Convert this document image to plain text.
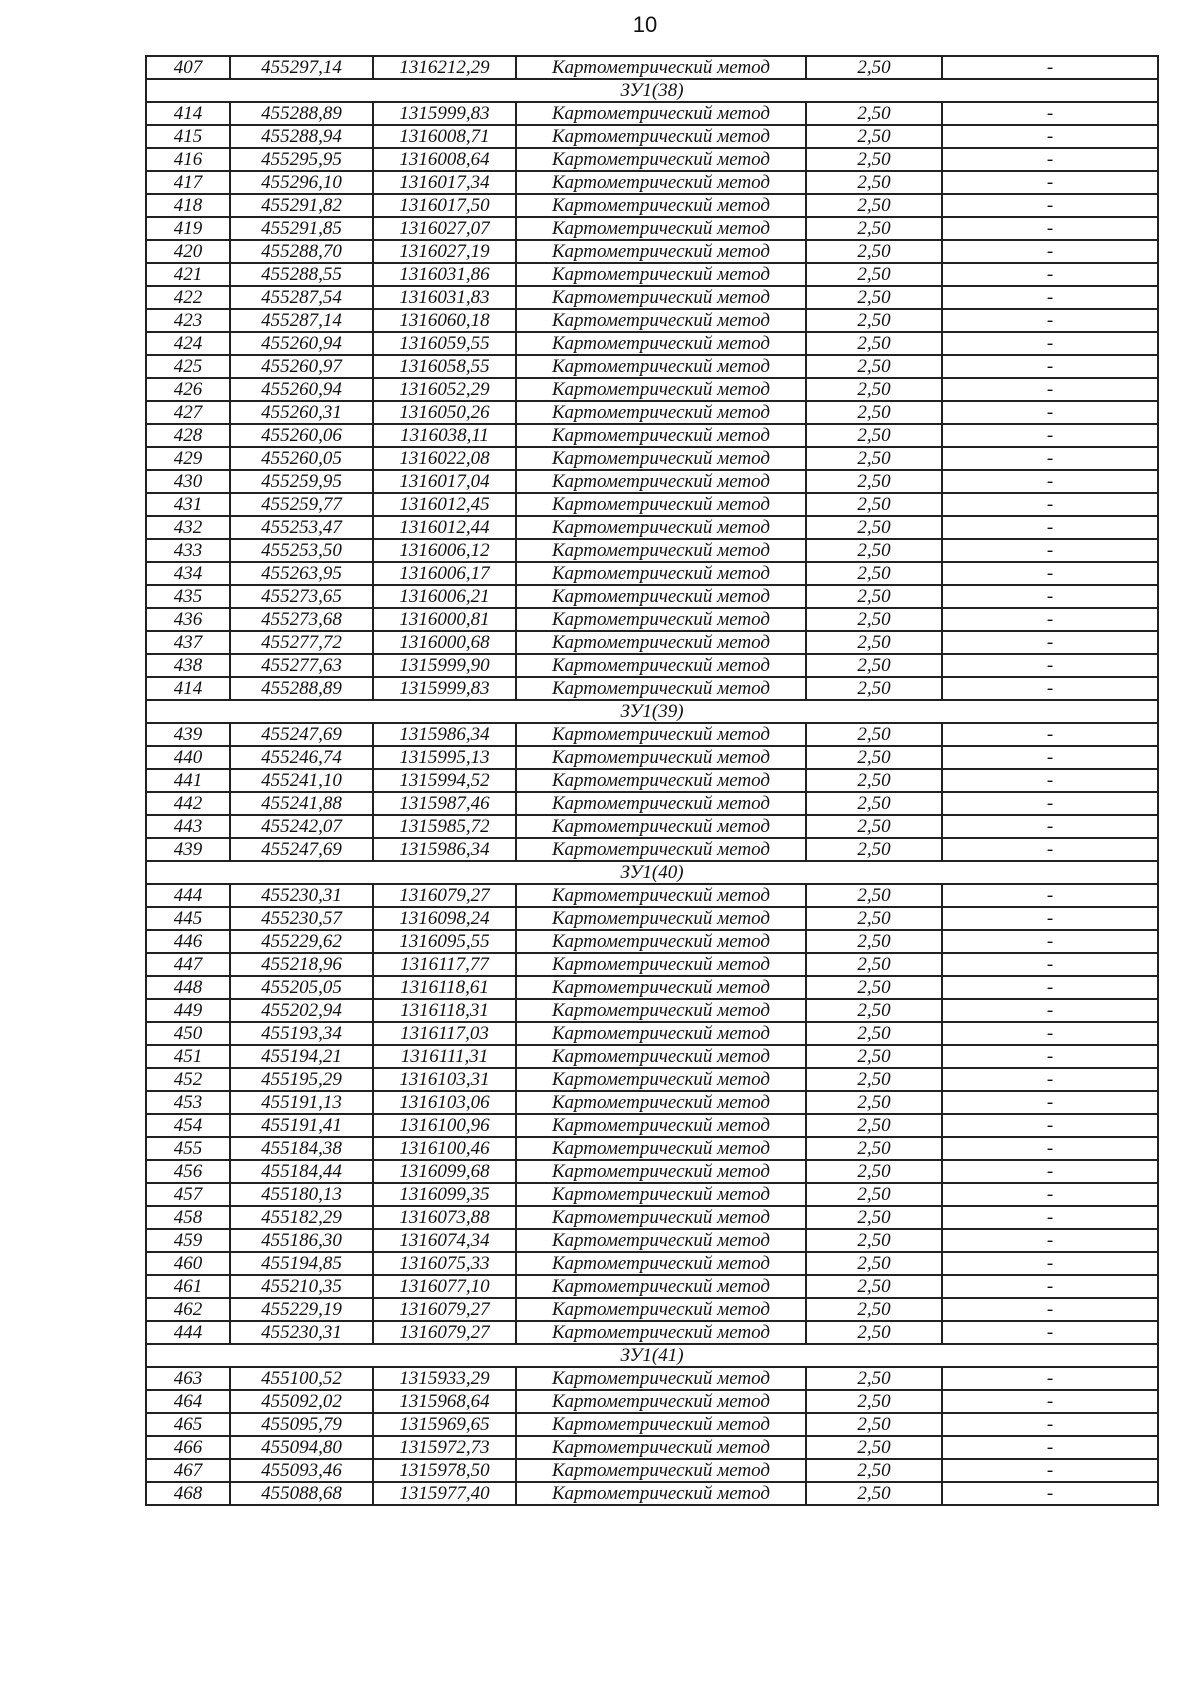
10
407	455297,14	1316212,29	Картометрический метод	2,50	-
ЗУ1(38)					
414	455288,89	1315999,83	Картометрический метод	2,50	-
415	455288,94	1316008,71	Картометрический метод	2,50	-
416	455295,95	1316008,64	Картометрический метод	2,50	-
417	455296,10	1316017,34	Картометрический метод	2,50	-
418	455291,82	1316017,50	Картометрический метод	2,50	-
419	455291,85	1316027,07	Картометрический метод	2,50	-
420	455288,70	1316027,19	Картометрический метод	2,50	-
421	455288,55	1316031,86	Картометрический метод	2,50	-
422	455287,54	1316031,83	Картометрический метод	2,50	-
423	455287,14	1316060,18	Картометрический метод	2,50	-
424	455260,94	1316059,55	Картометрический метод	2,50	-
425	455260,97	1316058,55	Картометрический метод	2,50	-
426	455260,94	1316052,29	Картометрический метод	2,50	-
427	455260,31	1316050,26	Картометрический метод	2,50	-
428	455260,06	1316038,11	Картометрический метод	2,50	-
429	455260,05	1316022,08	Картометрический метод	2,50	-
430	455259,95	1316017,04	Картометрический метод	2,50	-
431	455259,77	1316012,45	Картометрический метод	2,50	-
432	455253,47	1316012,44	Картометрический метод	2,50	-
433	455253,50	1316006,12	Картометрический метод	2,50	-
434	455263,95	1316006,17	Картометрический метод	2,50	-
435	455273,65	1316006,21	Картометрический метод	2,50	-
436	455273,68	1316000,81	Картометрический метод	2,50	-
437	455277,72	1316000,68	Картометрический метод	2,50	-
438	455277,63	1315999,90	Картометрический метод	2,50	-
414	455288,89	1315999,83	Картометрический метод	2,50	-
ЗУ1(39)					
439	455247,69	1315986,34	Картометрический метод	2,50	-
440	455246,74	1315995,13	Картометрический метод	2,50	-
441	455241,10	1315994,52	Картометрический метод	2,50	-
442	455241,88	1315987,46	Картометрический метод	2,50	-
443	455242,07	1315985,72	Картометрический метод	2,50	-
439	455247,69	1315986,34	Картометрический метод	2,50	-
ЗУ1(40)					
444	455230,31	1316079,27	Картометрический метод	2,50	-
445	455230,57	1316098,24	Картометрический метод	2,50	-
446	455229,62	1316095,55	Картометрический метод	2,50	-
447	455218,96	1316117,77	Картометрический метод	2,50	-
448	455205,05	1316118,61	Картометрический метод	2,50	-
449	455202,94	1316118,31	Картометрический метод	2,50	-
450	455193,34	1316117,03	Картометрический метод	2,50	-
451	455194,21	1316111,31	Картометрический метод	2,50	-
452	455195,29	1316103,31	Картометрический метод	2,50	-
453	455191,13	1316103,06	Картометрический метод	2,50	-
454	455191,41	1316100,96	Картометрический метод	2,50	-
455	455184,38	1316100,46	Картометрический метод	2,50	-
456	455184,44	1316099,68	Картометрический метод	2,50	-
457	455180,13	1316099,35	Картометрический метод	2,50	-
458	455182,29	1316073,88	Картометрический метод	2,50	-
459	455186,30	1316074,34	Картометрический метод	2,50	-
460	455194,85	1316075,33	Картометрический метод	2,50	-
461	455210,35	1316077,10	Картометрический метод	2,50	-
462	455229,19	1316079,27	Картометрический метод	2,50	-
444	455230,31	1316079,27	Картометрический метод	2,50	-
ЗУ1(41)					
463	455100,52	1315933,29	Картометрический метод	2,50	-
464	455092,02	1315968,64	Картометрический метод	2,50	-
465	455095,79	1315969,65	Картометрический метод	2,50	-
466	455094,80	1315972,73	Картометрический метод	2,50	-
467	455093,46	1315978,50	Картометрический метод	2,50	-
468	455088,68	1315977,40	Картометрический метод	2,50	-
